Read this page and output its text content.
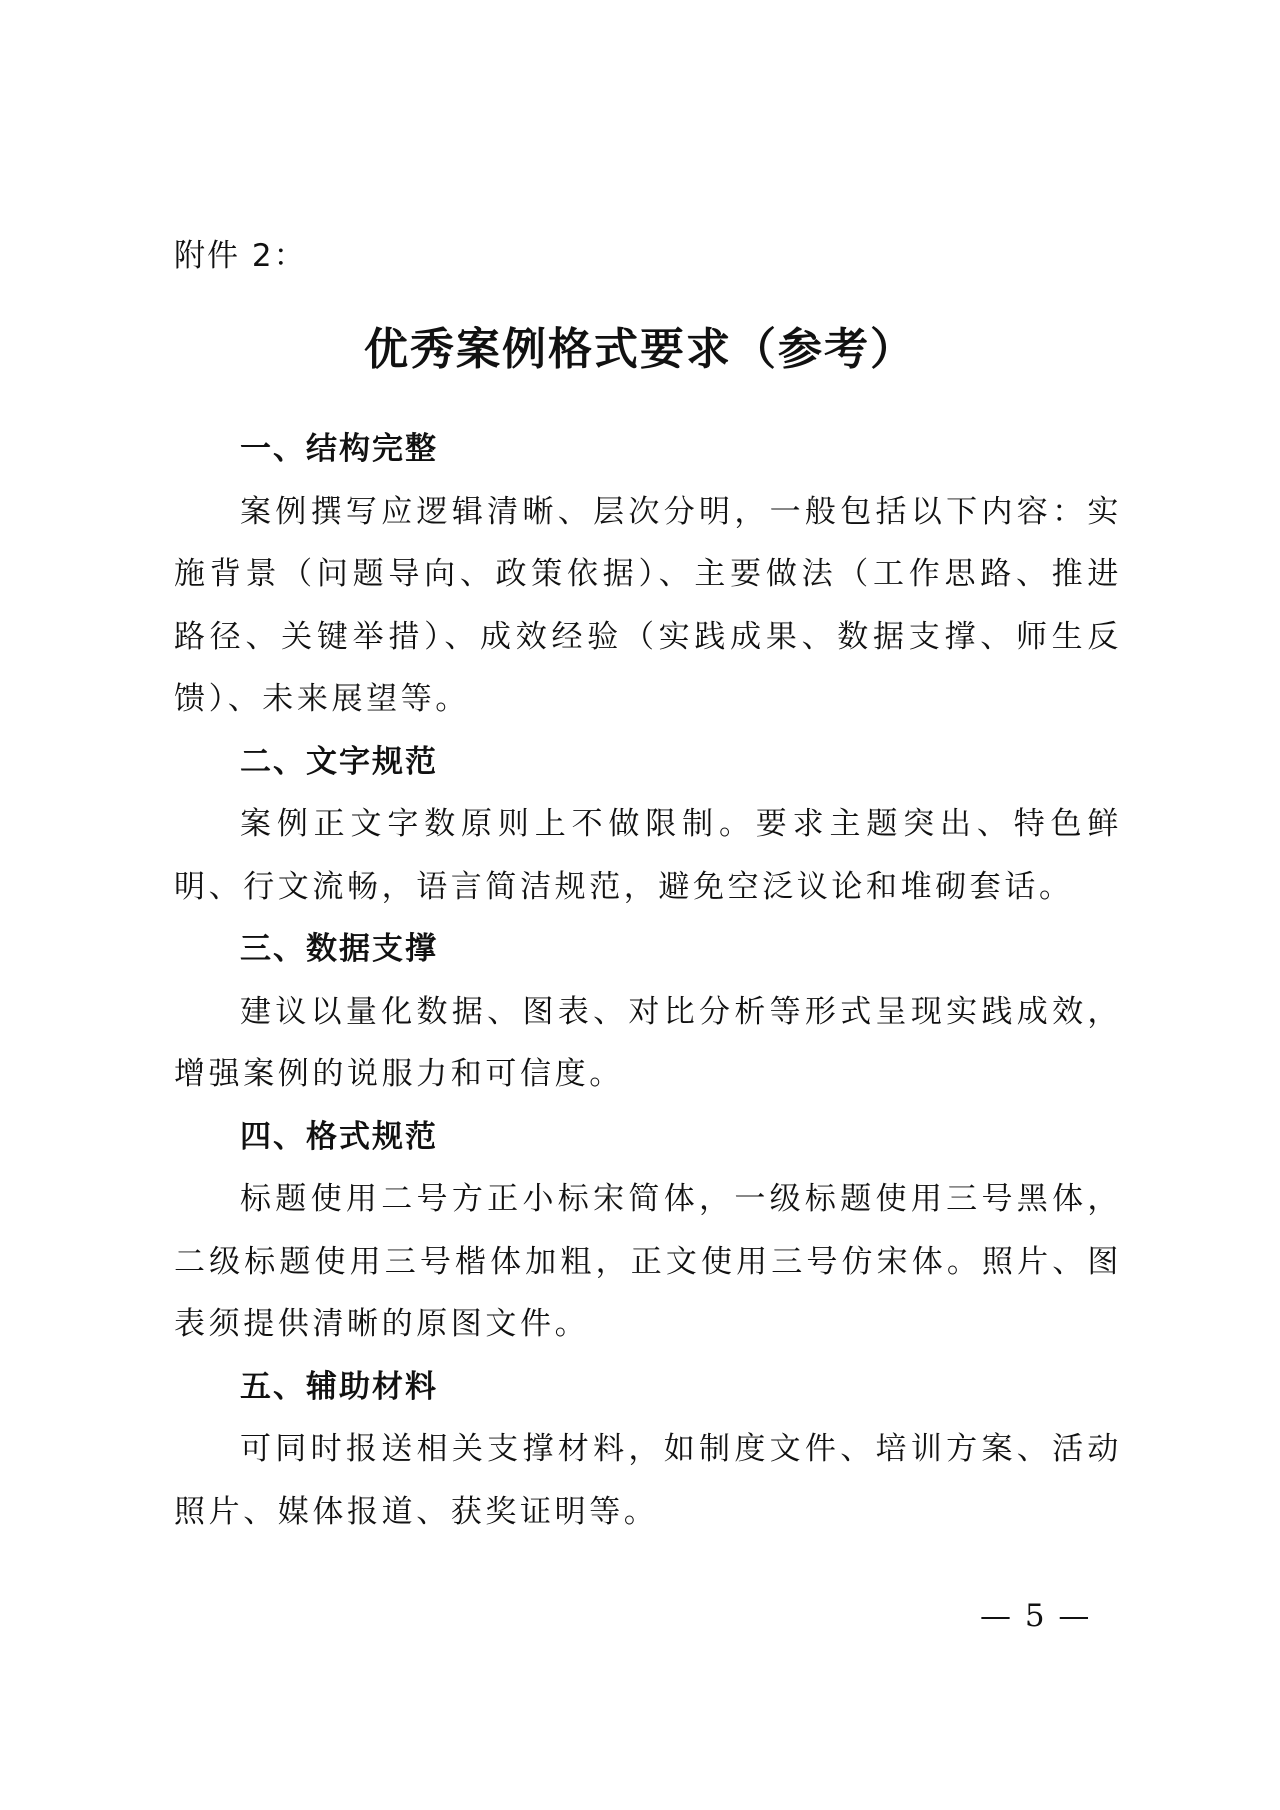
附件 2：
优秀案例格式要求（参考）

一、结构完整

案例撰写应逻辑清晰、层次分明，一般包括以下内容：实施背景（问题导向、政策依据）、主要做法（工作思路、推进路径、关键举措）、成效经验（实践成果、数据支撑、师生反馈）、未来展望等。

二、文字规范

案例正文字数原则上不做限制。要求主题突出、特色鲜明、行文流畅，语言简洁规范，避免空泛议论和堆砌套话。

三、数据支撑

建议以量化数据、图表、对比分析等形式呈现实践成效，增强案例的说服力和可信度。

四、格式规范

标题使用二号方正小标宋简体，一级标题使用三号黑体，二级标题使用三号楷体加粗，正文使用三号仿宋体。照片、图表须提供清晰的原图文件。

五、辅助材料

可同时报送相关支撑材料，如制度文件、培训方案、活动照片、媒体报道、获奖证明等。

— 5 —
